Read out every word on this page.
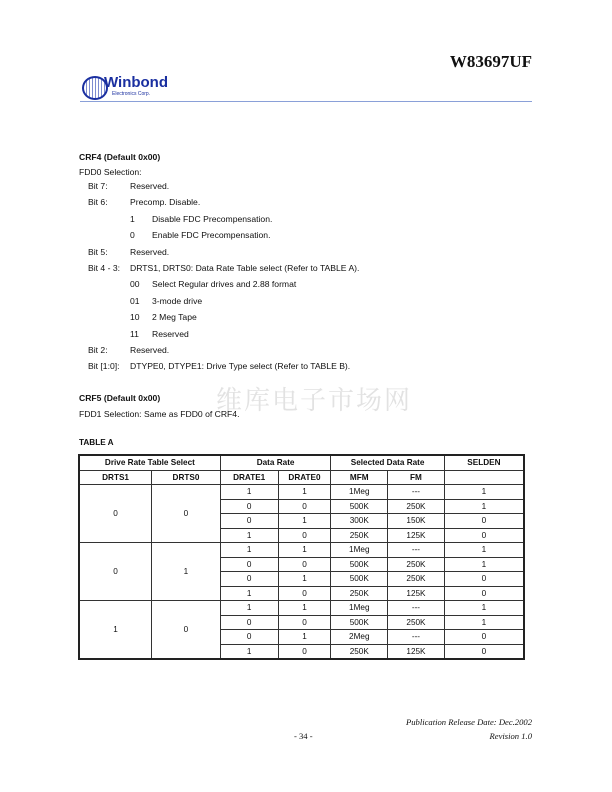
Winbond
Electronics Corp.
W83697UF
CRF4 (Default 0x00)
FDD0 Selection:
Bit 7:	Reserved.
Bit 6:	Precomp. Disable.
1 Disable FDC Precompensation.
0 Enable FDC Precompensation.
Bit 5:	Reserved.
Bit 4 - 3: DRTS1, DRTS0: Data Rate Table select (Refer to TABLE A).
00 Select Regular drives and 2.88 format
01 3-mode drive
10 2 Meg Tape
11 Reserved
Bit 2:	Reserved.
Bit [1:0]: DTYPE0, DTYPE1: Drive Type select (Refer to TABLE B).
维库电子市场网
CRF5 (Default 0x00)
FDD1 Selection: Same as FDD0 of CRF4.
TABLE A
Drive Rate Table Select		Data Rate		Selected Data Rate		SELDEN
DRTS1	DRTS0	DRATE1	DRATE0	MFM	FM	
0	0	1	1	1Meg	---	1
		0	0	500K	250K	1
		0	1	300K	150K	0
		1	0	250K	125K	0
0	1	1	1	1Meg	---	1
		0	0	500K	250K	1
		0	1	500K	250K	0
		1	0	250K	125K	0
1	0	1	1	1Meg	---	1
		0	0	500K	250K	1
		0	1	2Meg	---	0
		1	0	250K	125K	0
Publication Release Date: Dec.2002
- 34 -	Revision 1.0
